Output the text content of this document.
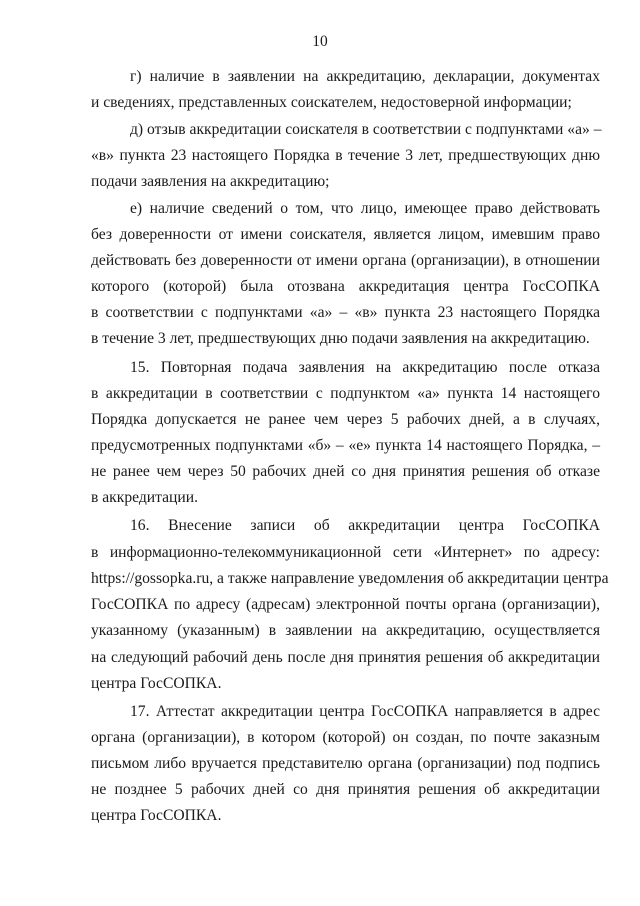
10
г) наличие в заявлении на аккредитацию, декларации, документах
и сведениях, представленных соискателем, недостоверной информации;
д) отзыв аккредитации соискателя в соответствии с подпунктами «а» –
«в» пункта 23 настоящего Порядка в течение 3 лет, предшествующих дню
подачи заявления на аккредитацию;
е) наличие сведений о том, что лицо, имеющее право действовать
без доверенности от имени соискателя, является лицом, имевшим право
действовать без доверенности от имени органа (организации), в отношении
которого (которой) была отозвана аккредитация центра ГосСОПКА
в соответствии с подпунктами «а» – «в» пункта 23 настоящего Порядка
в течение 3 лет, предшествующих дню подачи заявления на аккредитацию.
15. Повторная подача заявления на аккредитацию после отказа
в аккредитации в соответствии с подпунктом «а» пункта 14 настоящего
Порядка допускается не ранее чем через 5 рабочих дней, а в случаях,
предусмотренных подпунктами «б» – «е» пункта 14 настоящего Порядка, –
не ранее чем через 50 рабочих дней со дня принятия решения об отказе
в аккредитации.
16. Внесение записи об аккредитации центра ГосСОПКА
в информационно-телекоммуникационной сети «Интернет» по адресу:
https://gossopka.ru, а также направление уведомления об аккредитации центра
ГосСОПКА по адресу (адресам) электронной почты органа (организации),
указанному (указанным) в заявлении на аккредитацию, осуществляется
на следующий рабочий день после дня принятия решения об аккредитации
центра ГосСОПКА.
17. Аттестат аккредитации центра ГосСОПКА направляется в адрес
органа (организации), в котором (которой) он создан, по почте заказным
письмом либо вручается представителю органа (организации) под подпись
не позднее 5 рабочих дней со дня принятия решения об аккредитации
центра ГосСОПКА.
